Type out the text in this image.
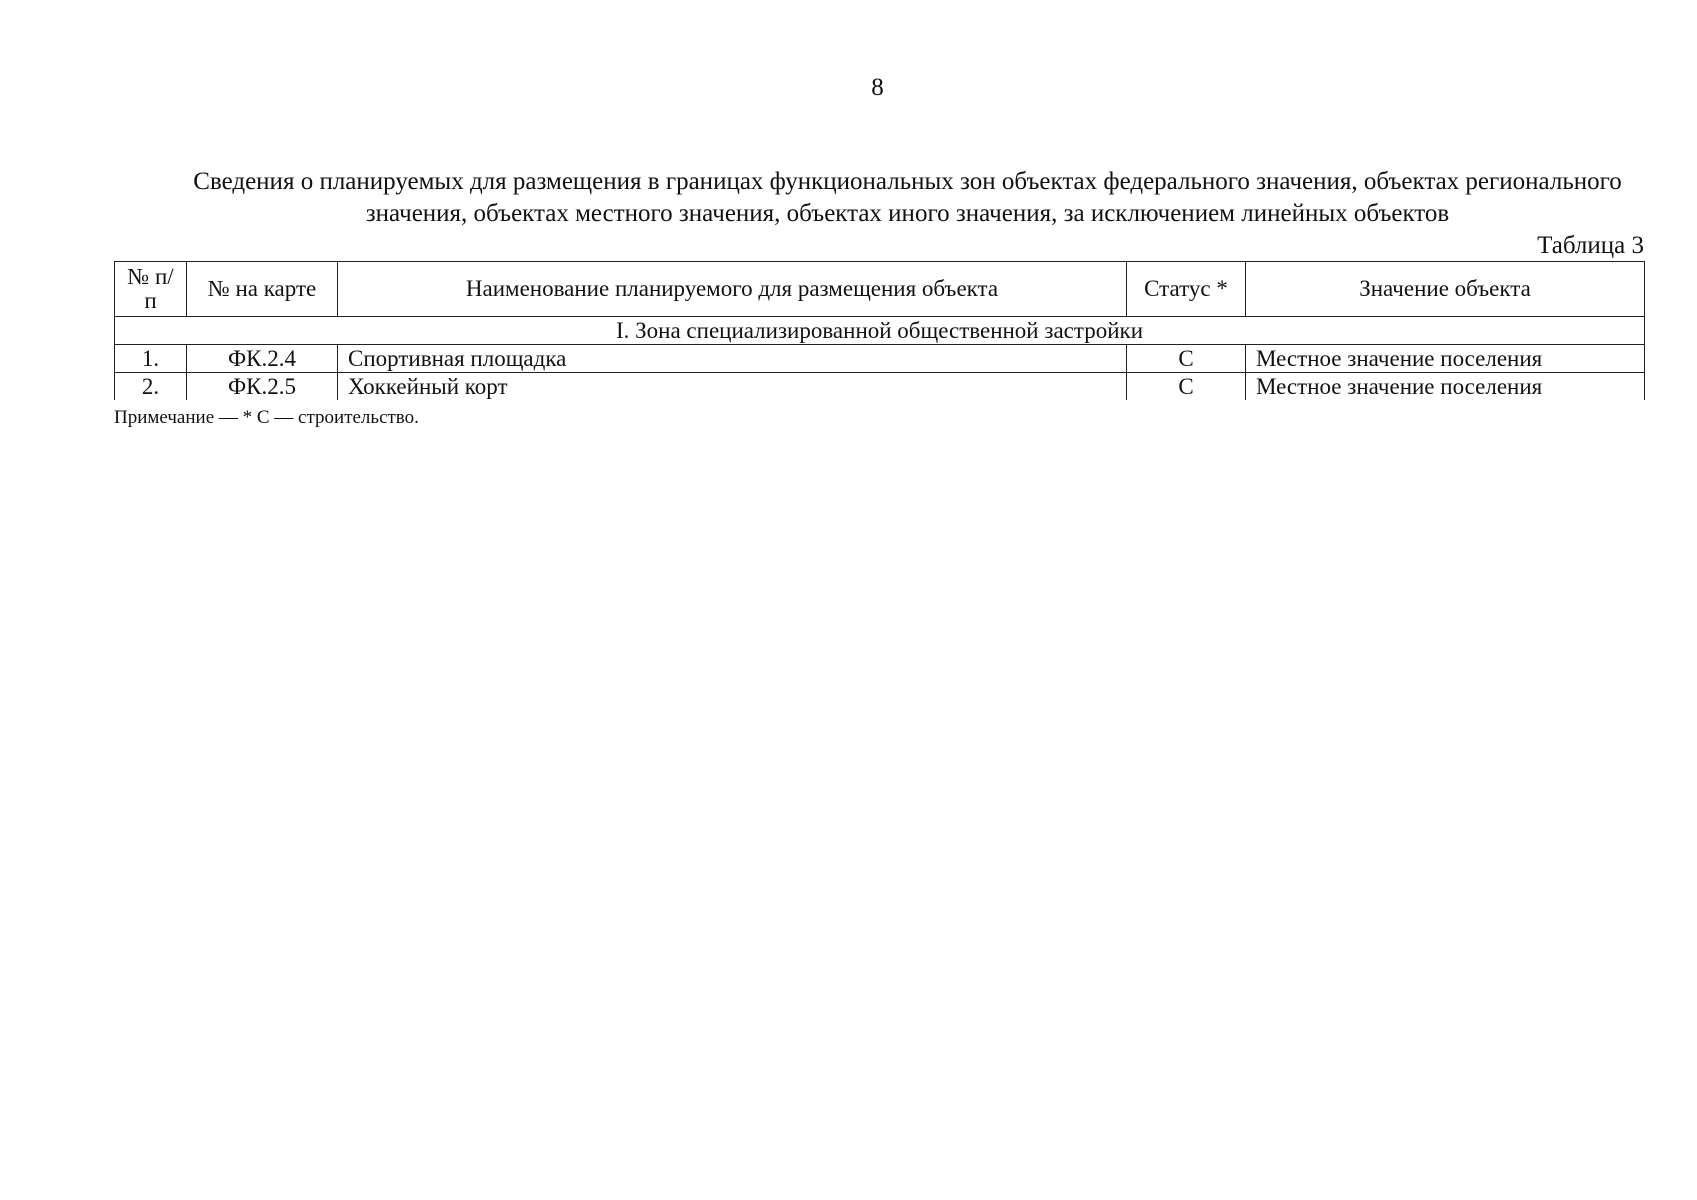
8
Сведения о планируемых для размещения в границах функциональных зон объектах федерального значения, объектах регионального значения, объектах местного значения, объектах иного значения, за исключением линейных объектов
Таблица 3
№ п/п	№ на карте	Наименование планируемого для размещения объекта	Статус *	Значение объекта
I. Зона специализированной общественной застройки				
1.	ФК.2.4	Спортивная площадка	С	Местное значение поселения
2.	ФК.2.5	Хоккейный корт	С	Местное значение поселения
Примечание — * С — строительство.
